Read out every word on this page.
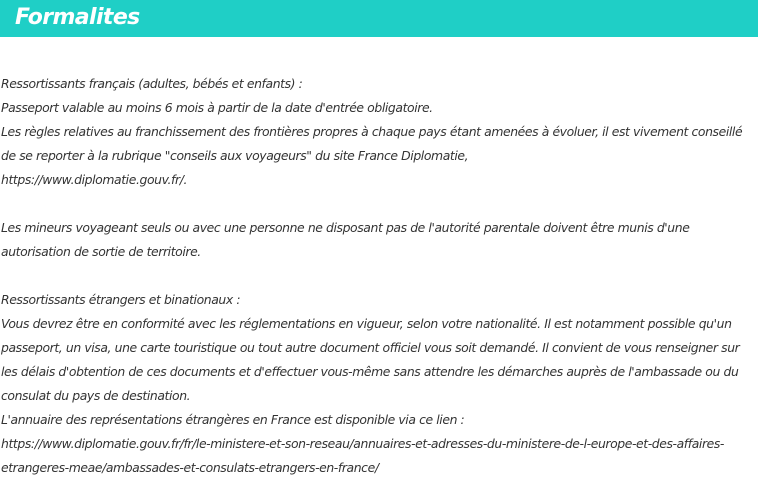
Formalites
Ressortissants français (adultes, bébés et enfants) :
Passeport valable au moins 6 mois à partir de la date d'entrée obligatoire.
Les règles relatives au franchissement des frontières propres à chaque pays étant amenées à évoluer, il est vivement conseillé de se reporter à la rubrique "conseils aux voyageurs" du site France Diplomatie,
https://www.diplomatie.gouv.fr/.
Les mineurs voyageant seuls ou avec une personne ne disposant pas de l'autorité parentale doivent être munis d'une autorisation de sortie de territoire.
Ressortissants étrangers et binationaux :
Vous devrez être en conformité avec les réglementations en vigueur, selon votre nationalité. Il est notamment possible qu'un passeport, un visa, une carte touristique ou tout autre document officiel vous soit demandé. Il convient de vous renseigner sur les délais d'obtention de ces documents et d'effectuer vous-même sans attendre les démarches auprès de l'ambassade ou du consulat du pays de destination.
L'annuaire des représentations étrangères en France est disponible via ce lien :
https://www.diplomatie.gouv.fr/fr/le-ministere-et-son-reseau/annuaires-et-adresses-du-ministere-de-l-europe-et-des-affaires-etrangeres-meae/ambassades-et-consulats-etrangers-en-france/
